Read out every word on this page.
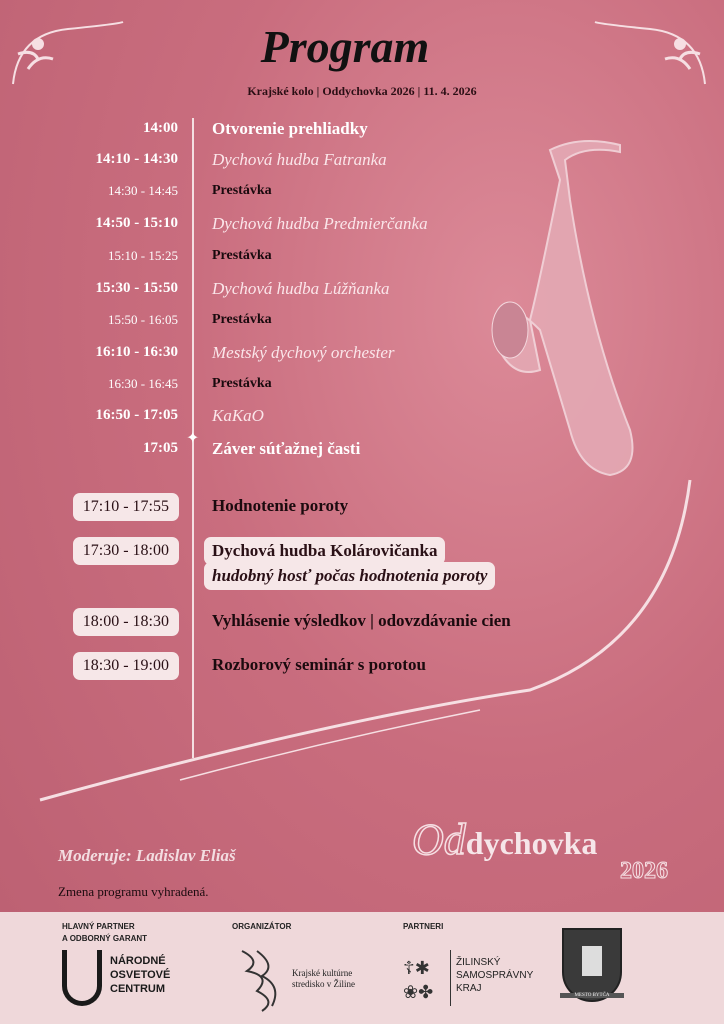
Program
Krajské kolo | Oddychovka 2026 | 11. 4. 2026
✦
14:00 Otvorenie prehliadky
14:10 - 14:30 Dychová hudba Fatranka
14:30 - 14:45 Prestávka
14:50 - 15:10 Dychová hudba Predmierčanka
15:10 - 15:25 Prestávka
15:30 - 15:50 Dychová hudba Lúžňanka
15:50 - 16:05 Prestávka
16:10 - 16:30 Mestský dychový orchester
16:30 - 16:45 Prestávka
16:50 - 17:05 KaKaO
17:05 Záver súťažnej časti
17:10 - 17:55	Hodnotenie poroty
17:30 - 18:00	Dychová hudba Kolárovičanka
hudobný hosť počas hodnotenia poroty
18:00 - 18:30	Vyhlásenie výsledkov | odovzdávanie cien
18:30 - 19:00	Rozborový seminár s porotou
Moderuje: Ladislav Eliaš
Zmena programu vyhradená.
Oddychovka
2026
HLAVNÝ PARTNER
A ODBORNÝ GARANT
NÁRODNÉ
OSVETOVÉ
CENTRUM
ORGANIZÁTOR
Krajské kultúrne
stredisko v Žiline
PARTNERI
☦✱
❀✤
ŽILINSKÝ
SAMOSPRÁVNY
KRAJ
MESTO BYTČA
